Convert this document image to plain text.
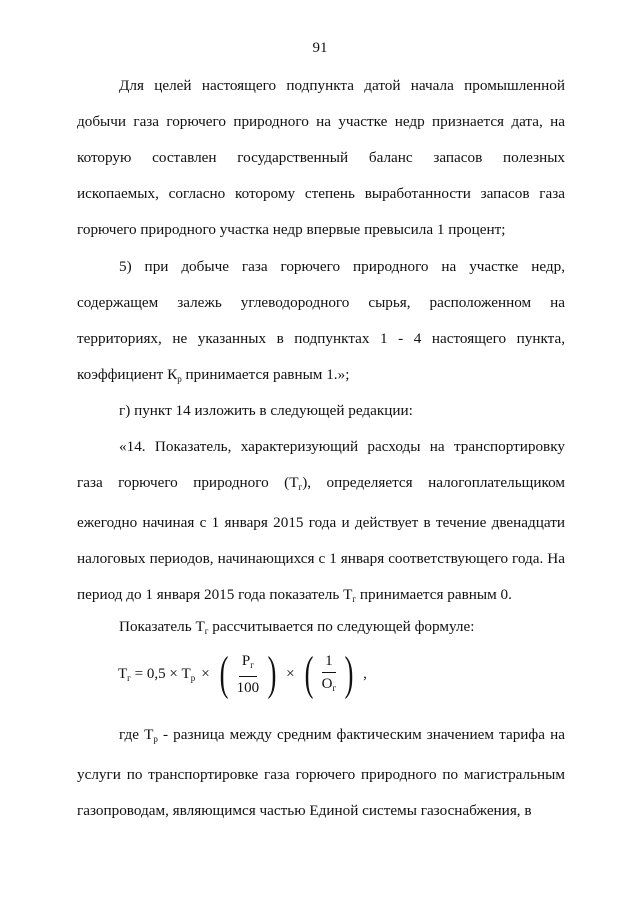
91
Для целей настоящего подпункта датой начала промышленной добычи газа горючего природного на участке недр признается дата, на которую составлен государственный баланс запасов полезных ископаемых, согласно которому степень выработанности запасов газа горючего природного участка недр впервые превысила 1 процент;
5) при добыче газа горючего природного на участке недр, содержащем залежь углеводородного сырья, расположенном на территориях, не указанных в подпунктах 1 - 4 настоящего пункта, коэффициент $К_р$ принимается равным 1.»;
г) пункт 14 изложить в следующей редакции:
«14. Показатель, характеризующий расходы на транспортировку газа горючего природного $(Т_г)$, определяется налогоплательщиком ежегодно начиная с 1 января 2015 года и действует в течение двенадцати налоговых периодов, начинающихся с 1 января соответствующего года. На период до 1 января 2015 года показатель $Т_г$ принимается равным 0.
Показатель $Т_г$ рассчитывается по следующей формуле:
$Т_г = 0,5 \times Т_р$ × ( $\frac{Р_г}{100}$ ) × ( $\frac{1}{О_г}$ ) ,
где $Т_р$ - разница между средним фактическим значением тарифа на услуги по транспортировке газа горючего природного по магистральным газопроводам, являющимся частью Единой системы газоснабжения, в
